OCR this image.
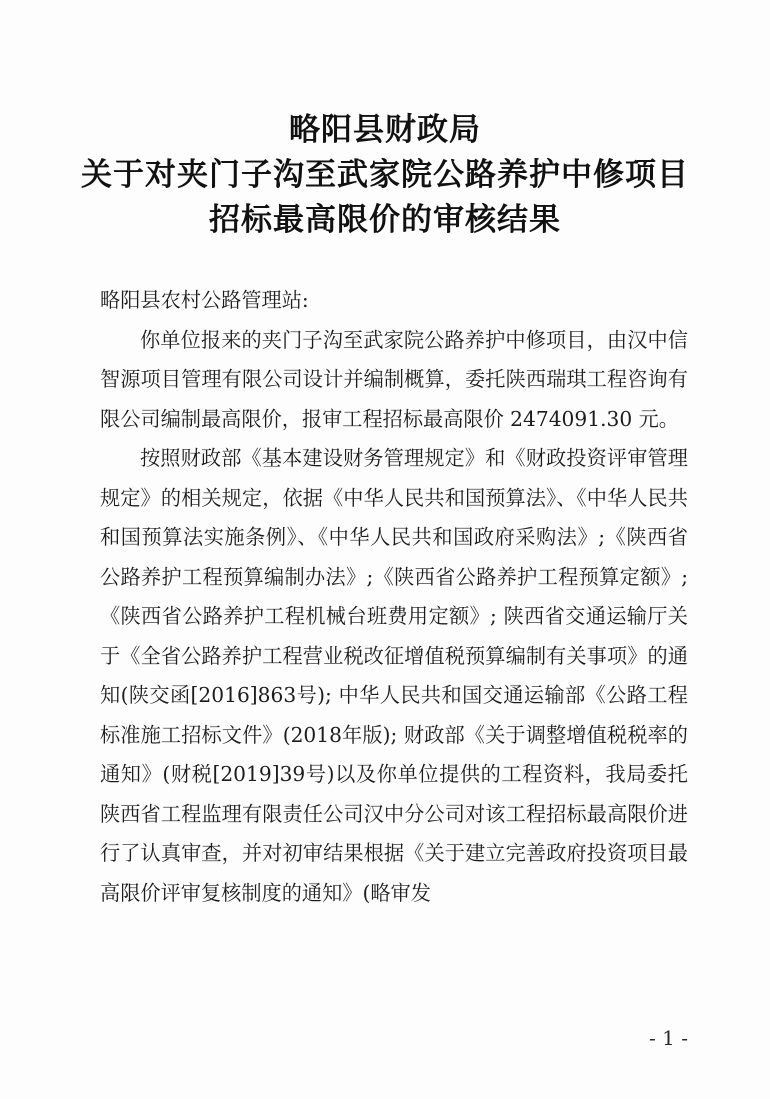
略阳县财政局
关于对夹门子沟至武家院公路养护中修项目
招标最高限价的审核结果

略阳县农村公路管理站:

你单位报来的夹门子沟至武家院公路养护中修项目，由汉中信智源项目管理有限公司设计并编制概算，委托陕西瑞琪工程咨询有限公司编制最高限价，报审工程招标最高限价 2474091.30 元。

按照财政部《基本建设财务管理规定》和《财政投资评审管理规定》的相关规定，依据《中华人民共和国预算法》、《中华人民共和国预算法实施条例》、《中华人民共和国政府采购法》;《陕西省公路养护工程预算编制办法》;《陕西省公路养护工程预算定额》;《陕西省公路养护工程机械台班费用定额》; 陕西省交通运输厅关于《全省公路养护工程营业税改征增值税预算编制有关事项》的通知(陕交函[2016]863号); 中华人民共和国交通运输部《公路工程标准施工招标文件》(2018年版); 财政部《关于调整增值税税率的通知》(财税[2019]39号)以及你单位提供的工程资料，我局委托陕西省工程监理有限责任公司汉中分公司对该工程招标最高限价进行了认真审查，并对初审结果根据《关于建立完善政府投资项目最高限价评审复核制度的通知》(略审发

- 1 -
